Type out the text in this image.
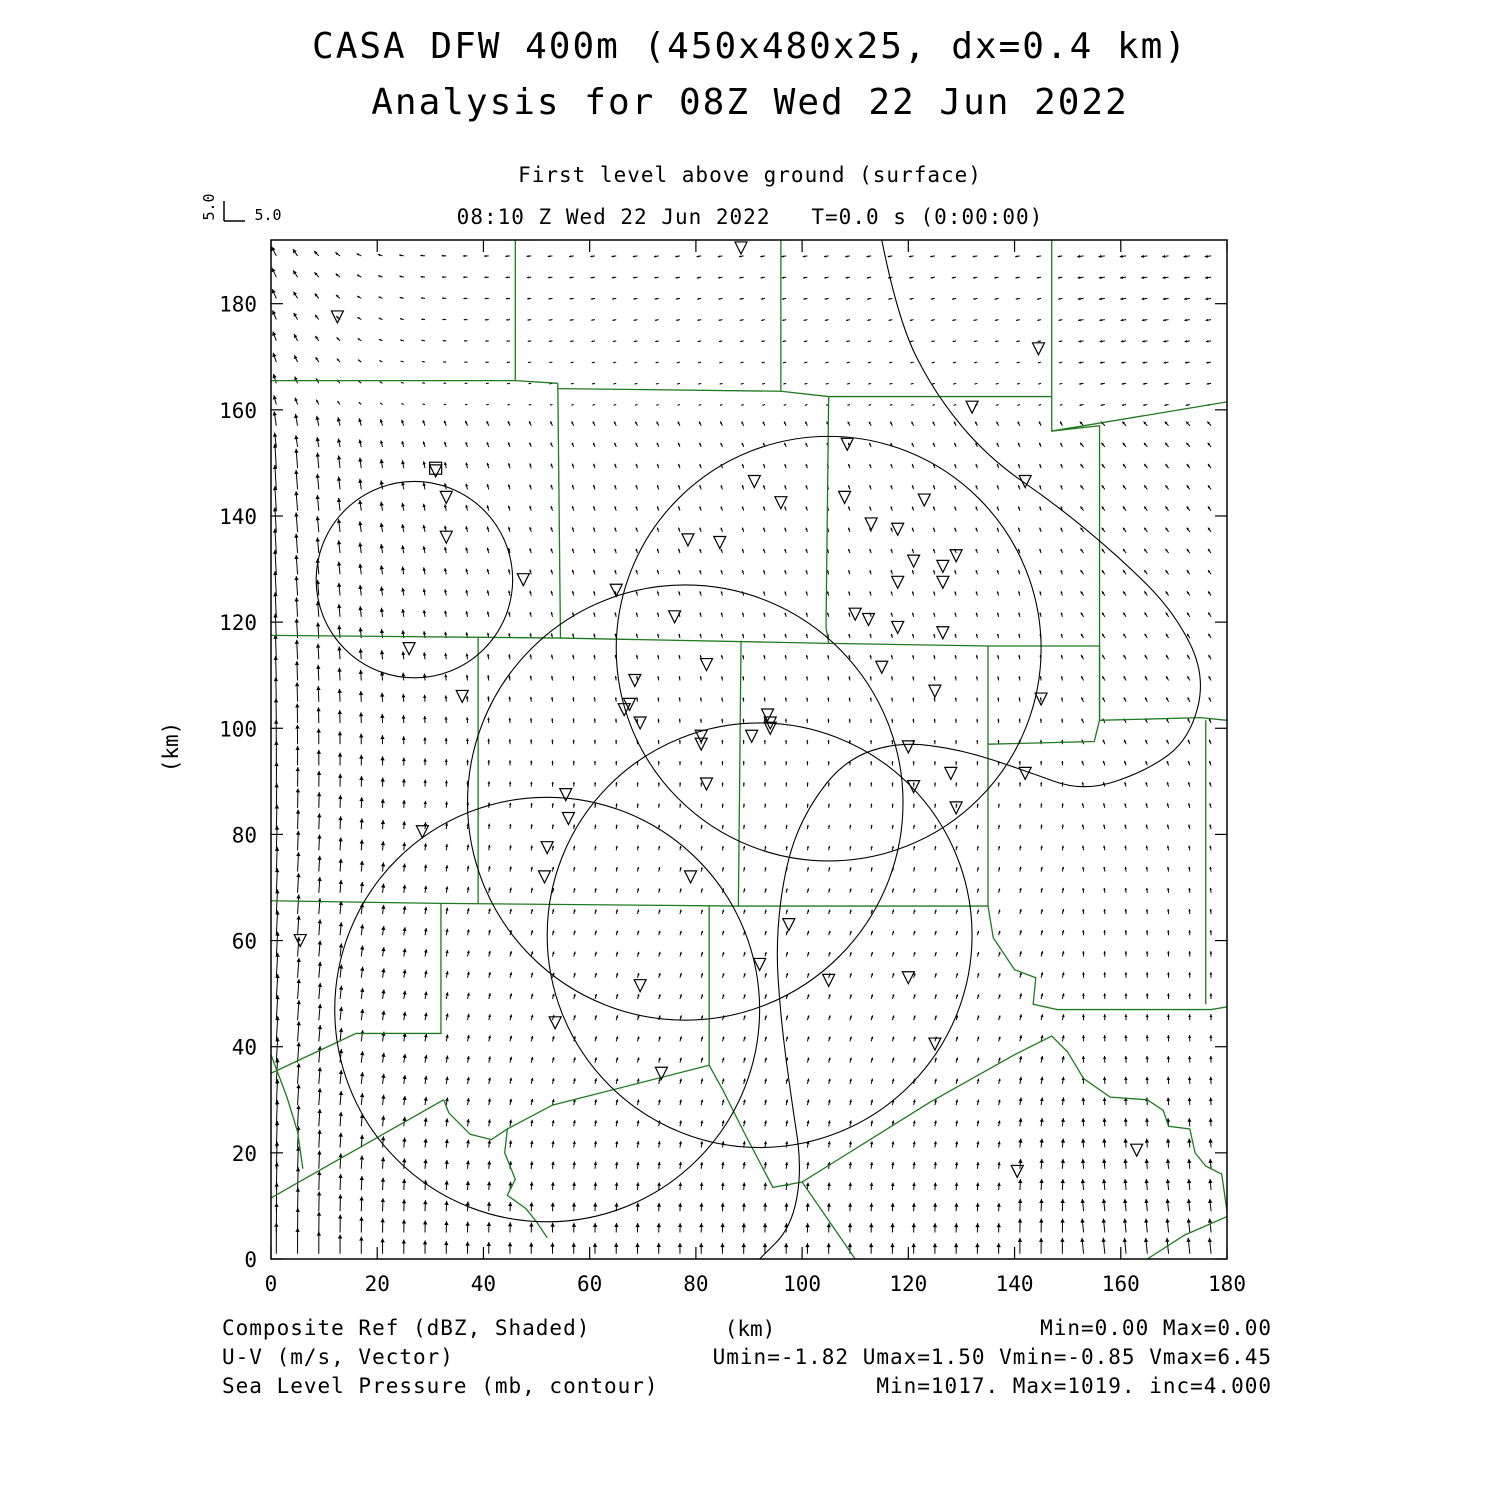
CASA DFW 400m (450x480x25, dx=0.4 km)
Analysis for 08Z Wed 22 Jun 2022
First level above ground (surface)
08:10 Z Wed 22 Jun 2022   T=0.0 s (0:00:00)
0	20	40	60	80	100	120	140	160	180
0
20
40
60
80
100
120
140
160
180
5.0
5.0
(km)
(km)
Composite Ref (dBZ, Shaded)
U-V (m/s, Vector)
Sea Level Pressure (mb, contour)
Min=0.00 Max=0.00
Umin=-1.82 Umax=1.50 Vmin=-0.85 Vmax=6.45
Min=1017. Max=1019. inc=4.000
